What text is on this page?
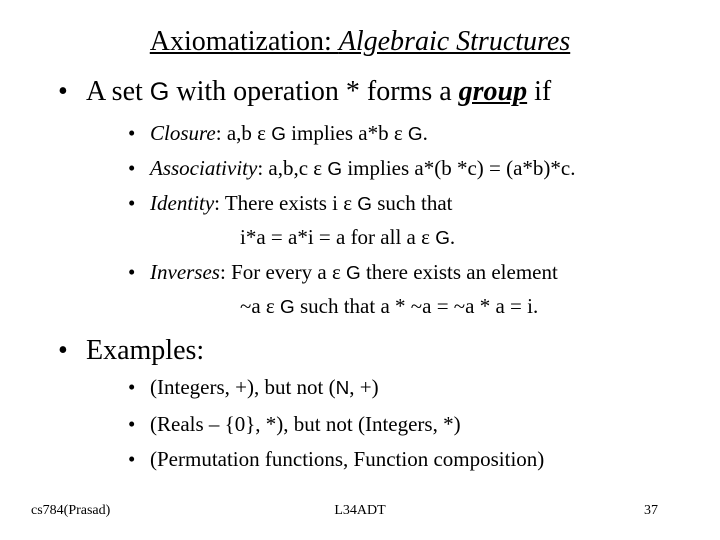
Axiomatization: Algebraic Structures
• A set G with operation * forms a group if
• Closure: a,b ε G implies a*b ε G.
• Associativity: a,b,c ε G implies a*(b *c) = (a*b)*c.
• Identity: There exists i ε G such that
i*a = a*i = a for all a ε G.
• Inverses: For every a ε G there exists an element
~a ε G such that a * ~a = ~a * a = i.
• Examples:
• (Integers, +), but not (N, +)
• (Reals – {0}, *), but not (Integers, *)
• (Permutation functions, Function composition)
cs784(Prasad)	L34ADT	37
